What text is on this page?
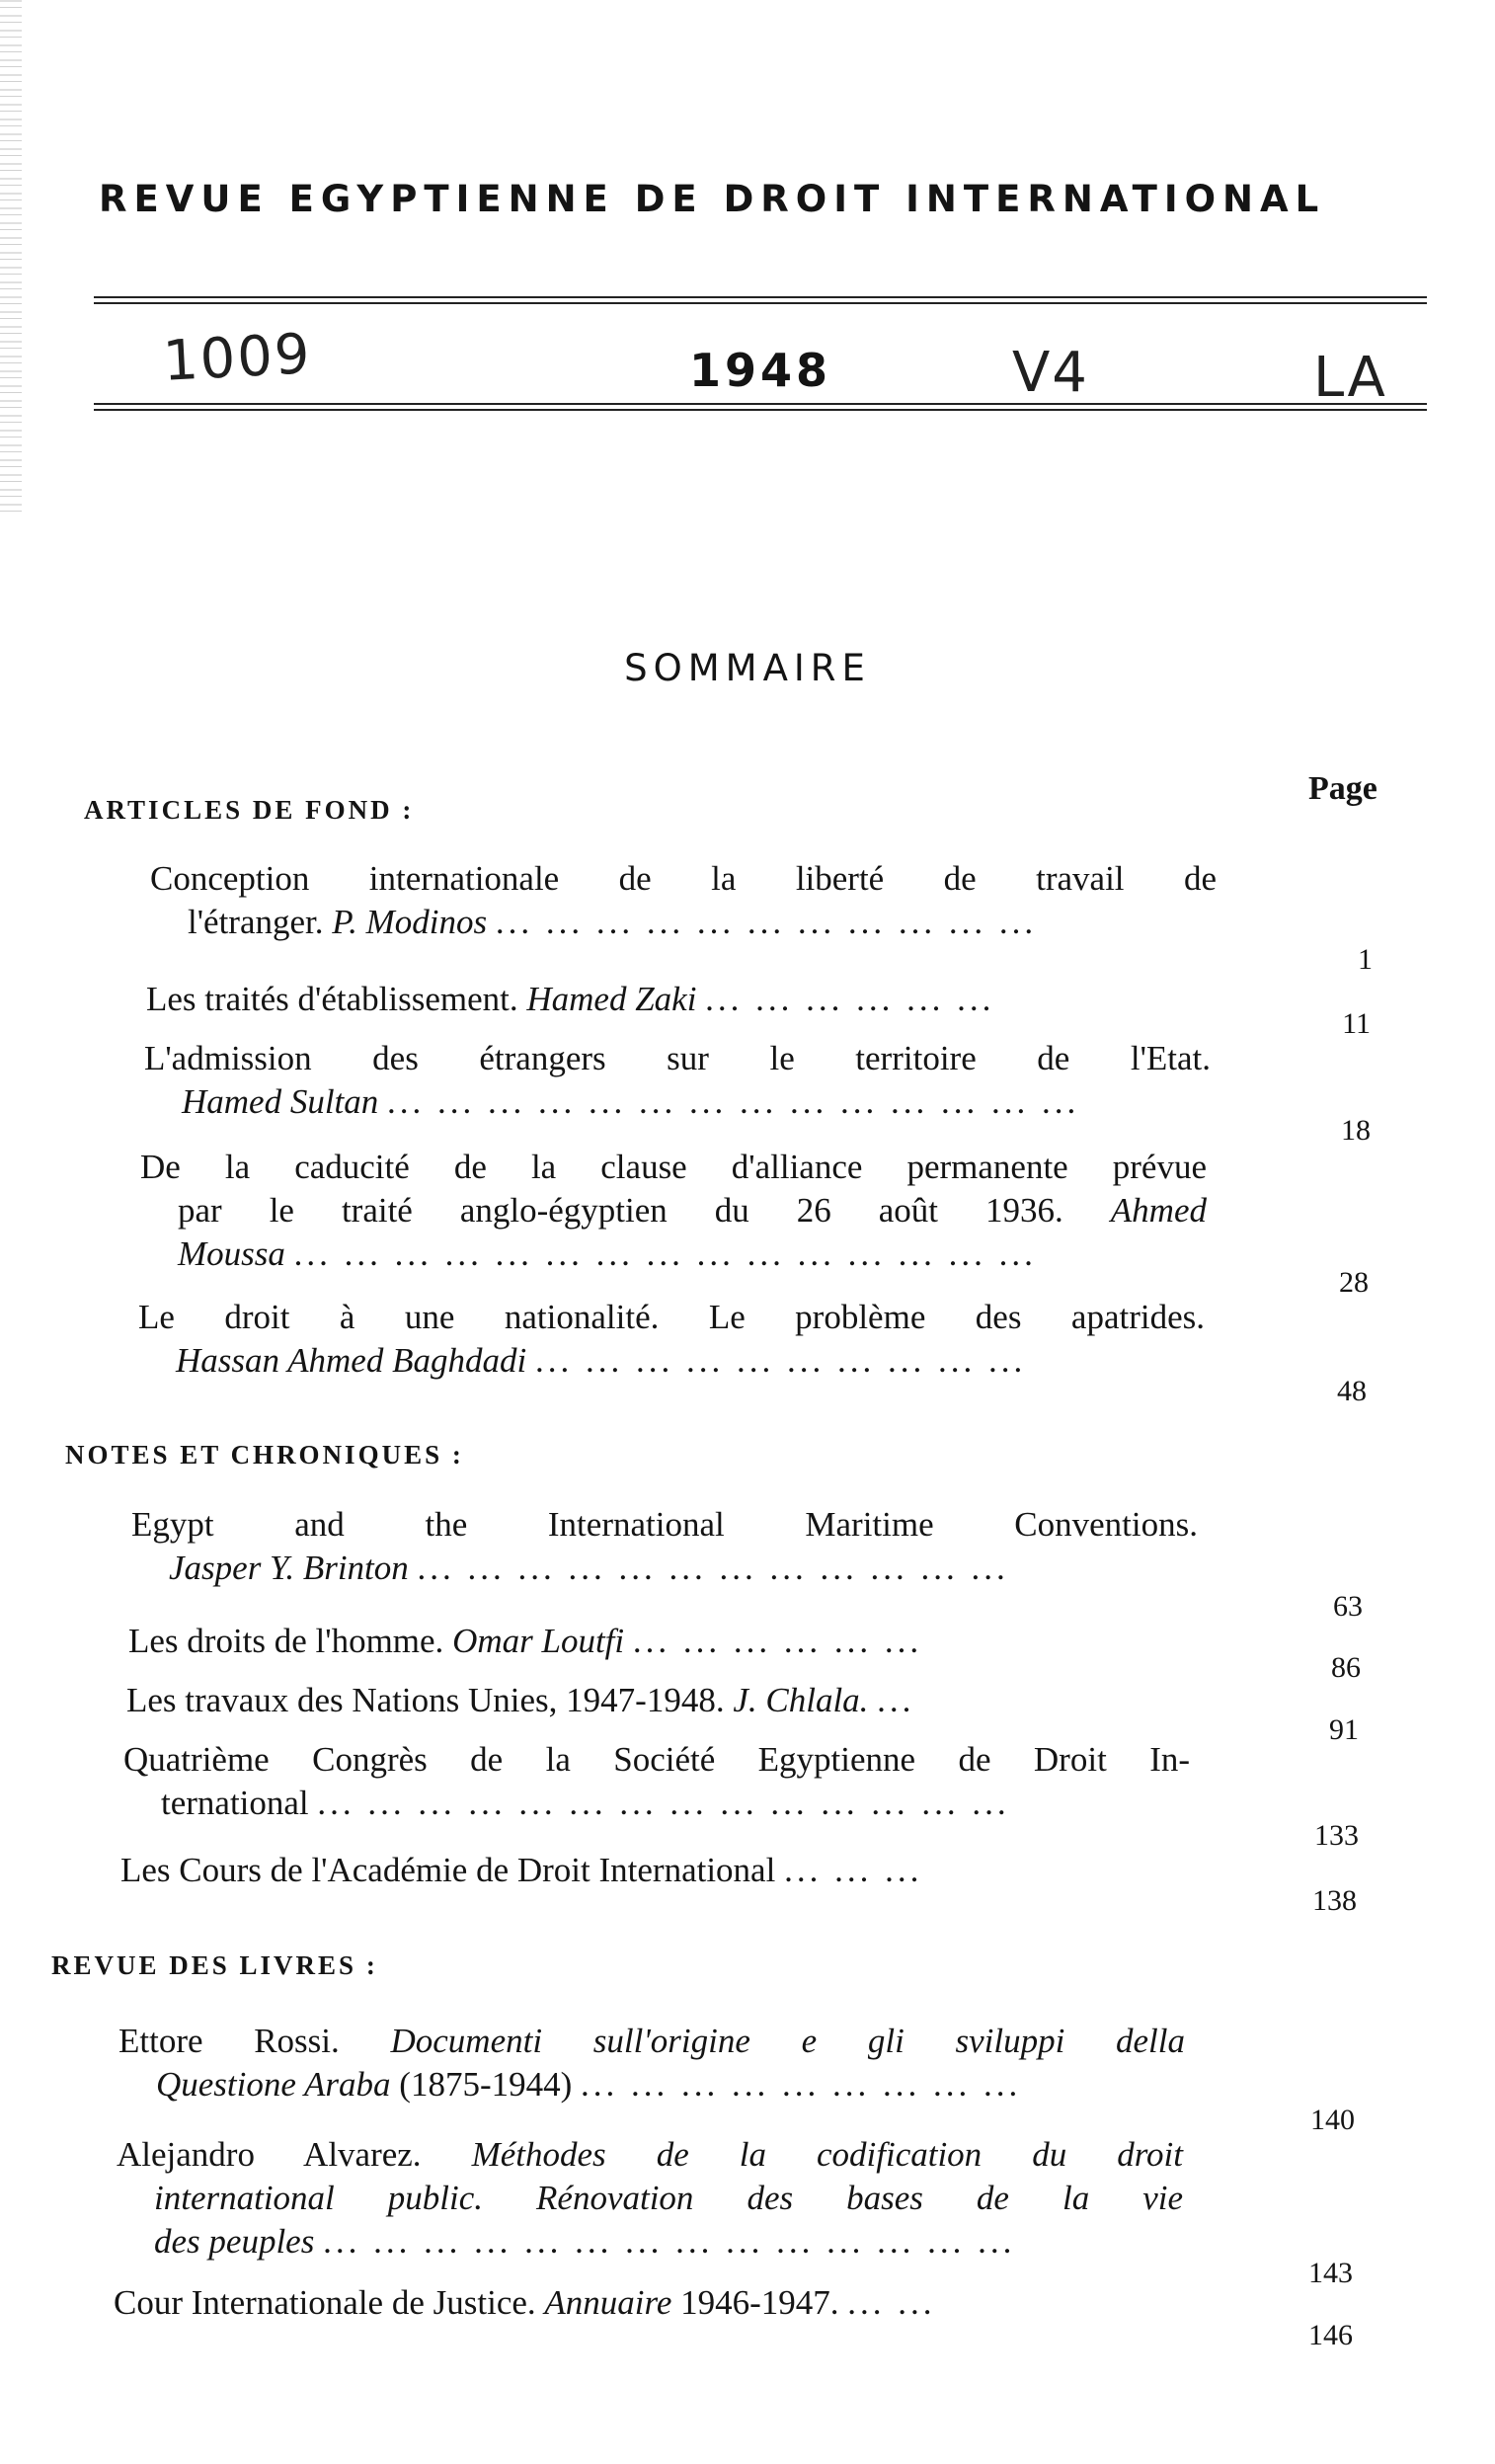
REVUE EGYPTIENNE DE DROIT INTERNATIONAL
1009	1948	V4	LA
SOMMAIRE
Page
ARTICLES DE FOND :
Conception internationale de la liberté de travail de
l'étranger. P. Modinos ... ... ... ... ... ... ... ... ... ... ...
1
Les traités d'établissement. Hamed Zaki ... ... ... ... ... ...
11
L'admission des étrangers sur le territoire de l'Etat.
Hamed Sultan ... ... ... ... ... ... ... ... ... ... ... ... ... ...
18
De la caducité de la clause d'alliance permanente prévue
par le traité anglo-égyptien du 26 août 1936. Ahmed
Moussa ... ... ... ... ... ... ... ... ... ... ... ... ... ... ...
28
Le droit à une nationalité. Le problème des apatrides.
Hassan Ahmed Baghdadi ... ... ... ... ... ... ... ... ... ...
48
NOTES ET CHRONIQUES :
Egypt and the International Maritime Conventions.
Jasper Y. Brinton ... ... ... ... ... ... ... ... ... ... ... ...
63
Les droits de l'homme. Omar Loutfi ... ... ... ... ... ...
86
Les travaux des Nations Unies, 1947-1948. J. Chlala. ...
91
Quatrième Congrès de la Société Egyptienne de Droit In-
ternational ... ... ... ... ... ... ... ... ... ... ... ... ... ...
133
Les Cours de l'Académie de Droit International ... ... ...
138
REVUE DES LIVRES :
Ettore Rossi. Documenti sull'origine e gli sviluppi della
Questione Araba (1875-1944) ... ... ... ... ... ... ... ... ...
140
Alejandro Alvarez. Méthodes de la codification du droit
international public. Rénovation des bases de la vie
des peuples ... ... ... ... ... ... ... ... ... ... ... ... ... ...
143
Cour Internationale de Justice. Annuaire 1946-1947. ... ...
146
